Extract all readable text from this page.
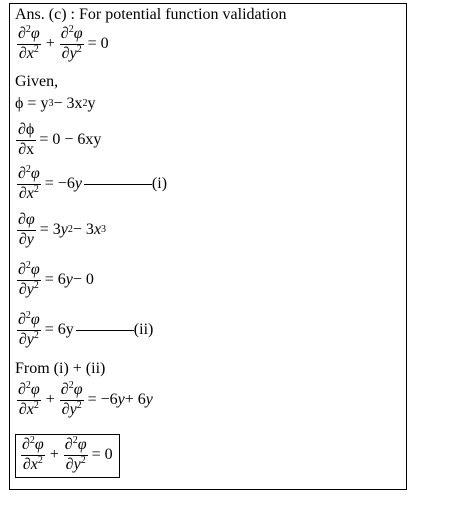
Ans. (c) : For potential function validation
∂$^2$φ
$\partial x^2 + \frac{\partial^2\varphi}{\partial y^2} = 0$
Given,
ϕ = y 3 − 3x 2 y
$\frac{\partial\phi}{\partial x} = 0 - 6xy$
$\frac{\partial^2\varphi}{\partial x^2} = -6$ y	(i)
$\frac{\partial\varphi}{\partial y} = 3$ y 2 − 3 x 3
$\frac{\partial^2\varphi}{\partial y^2} = 6$ y − 0
$\frac{\partial^2\varphi}{\partial y^2} = 6y$	(ii)
From (i) + (ii)
∂$^2$φ
$\partial x^2 + \frac{\partial^2\varphi}{\partial y^2} = -6$ y + 6 y
∂$^2$φ
$\partial x^2 + \frac{\partial^2\varphi}{\partial y^2} = 0$
